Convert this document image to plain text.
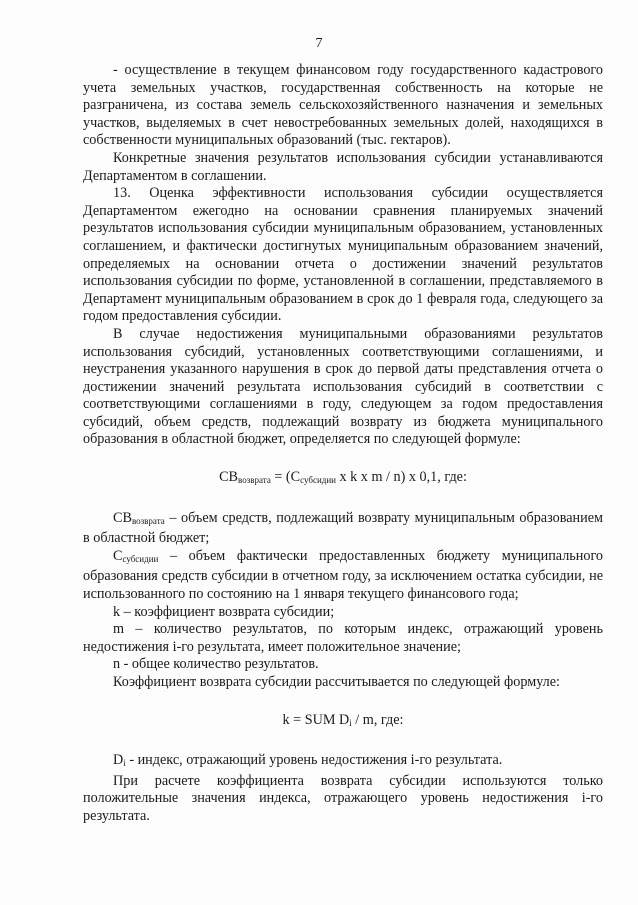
7

- осуществление в текущем финансовом году государственного кадастрового учета земельных участков, государственная собственность на которые не разграничена, из состава земель сельскохозяйственного назначения и земельных участков, выделяемых в счет невостребованных земельных долей, находящихся в собственности муниципальных образований (тыс. гектаров).

Конкретные значения результатов использования субсидии устанавливаются Департаментом в соглашении.

13. Оценка эффективности использования субсидии осуществляется Департаментом ежегодно на основании сравнения планируемых значений результатов использования субсидии муниципальным образованием, установленных соглашением, и фактически достигнутых муниципальным образованием значений, определяемых на основании отчета о достижении значений результатов использования субсидии по форме, установленной в соглашении, представляемого в Департамент муниципальным образованием в срок до 1 февраля года, следующего за годом предоставления субсидии.

В случае недостижения муниципальными образованиями результатов использования субсидий, установленных соответствующими соглашениями, и неустранения указанного нарушения в срок до первой даты представления отчета о достижении значений результата использования субсидий в соответствии с соответствующими соглашениями в году, следующем за годом предоставления субсидий, объем средств, подлежащий возврату из бюджета муниципального образования в областной бюджет, определяется по следующей формуле:

$СВ_{возврата} = (С_{субсидии}$ x k x m / n) x 0,1, где:

$СВ_{возврата}$ – объем средств, подлежащий возврату муниципальным образованием в областной бюджет;

$С_{субсидии}$ – объем фактически предоставленных бюджету муниципального образования средств субсидии в отчетном году, за исключением остатка субсидии, не использованного по состоянию на 1 января текущего финансового года;

k – коэффициент возврата субсидии;

m – количество результатов, по которым индекс, отражающий уровень недостижения i-го результата, имеет положительное значение;

n - общее количество результатов.

Коэффициент возврата субсидии рассчитывается по следующей формуле:

k = SUM $D_i$ / m, где:

$D_i$ - индекс, отражающий уровень недостижения i-го результата.

При расчете коэффициента возврата субсидии используются только положительные значения индекса, отражающего уровень недостижения i-го результата.
